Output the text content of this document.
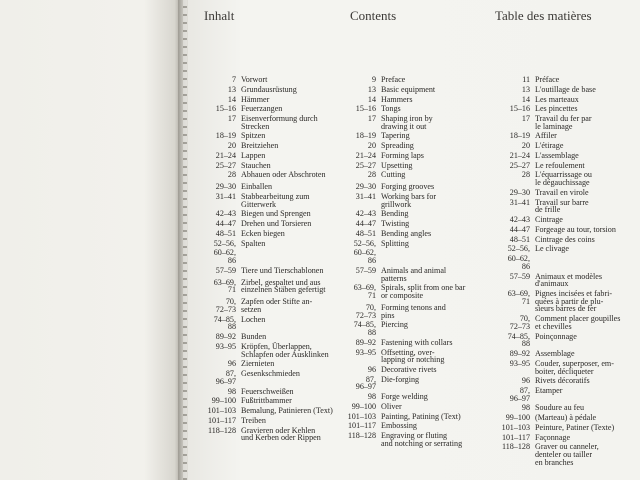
Inhalt	Contents	Table des matières
7 Vorwort
13 Grundausrüstung
14 Hämmer
15–16 Feuerzangen
17 Eisenverformung durch
Strecken
18–19 Spitzen
20 Breitziehen
21–24 Lappen
25–27 Stauchen
28 Abhauen oder Abschroten
29–30 Einballen
31–41 Stabbearbeitung zum
Gitterwerk
42–43 Biegen und Sprengen
44–47 Drehen und Torsieren
48–51 Ecken biegen
52–56, Spalten
60–62,
86
57–59 Tiere und Tierschablonen
63–69,
71
Zirbel, gespaltet und aus
einzelnen Stäben gefertigt
70,
72–73
Zapfen oder Stifte an-
setzen
74–85,
88
Lochen
89–92 Bunden
93–95 Kröpfen, Überlappen,
Schlapfen oder Ausklinken
96 Ziernieten
87,
96–97
Gesenkschmieden
98 Feuerschweißen
99–100 Fußtrittbammer
101–103 Bemalung, Patinieren (Text)
101–117 Treiben
118–128 Gravieren oder Kehlen
und Kerben oder Rippen
9 Preface
13 Basic equipment
14 Hammers
15–16 Tongs
17 Shaping iron by
drawing it out
18–19 Tapering
20 Spreading
21–24 Forming laps
25–27 Upsetting
28 Cutting
29–30 Forging grooves
31–41 Working bars for
grillwork
42–43 Bending
44–47 Twisting
48–51 Bending angles
52–56, Splitting
60–62,
86
57–59 Animals and animal
patterns
63–69,
71
Spirals, split from one bar
or composite
70,
72–73
Forming tenons and
pins
74–85,
88
Piercing
89–92 Fastening with collars
93–95 Offsetting, over-
lapping or notching
96 Decorative rivets
87,
96–97
Die-forging
98 Forge welding
99–100 Oliver
101–103 Painting, Patining (Text)
101–117 Embossing
118–128 Engraving or fluting
and notching or serrating
11 Préface
13 L'outillage de base
14 Les marteaux
15–16 Les pincettes
17 Travail du fer par
le laminage
18–19 Affiler
20 L'étirage
21–24 L'assemblage
25–27 Le refoulement
28 L'équarrissage ou
le dégauchissage
29–30 Travail en virole
31–41 Travail sur barre
de frille
42–43 Cintrage
44–47 Forgeage au tour, torsion
48–51 Cintrage des coins
52–56, Le clivage
60–62,
86
57–59 Animaux et modèles
d'animaux
63–69,
71
Pignes incisées et fabri-
quées à partir de plu-
sieurs barres de fer
70,
72–73
Comment placer goupilles
et chevilles
74–85,
88
Poinçonnage
89–92 Assemblage
93–95 Couder, superposer, em-
boiter, décliqueter
96 Rivets décoratifs
87,
96–97
Etamper
98 Soudure au feu
99–100 (Marteau) à pédale
101–103 Peinture, Patiner (Texte)
101–117 Façonnage
118–128 Graver ou canneler,
denteler ou tailler
en branches
